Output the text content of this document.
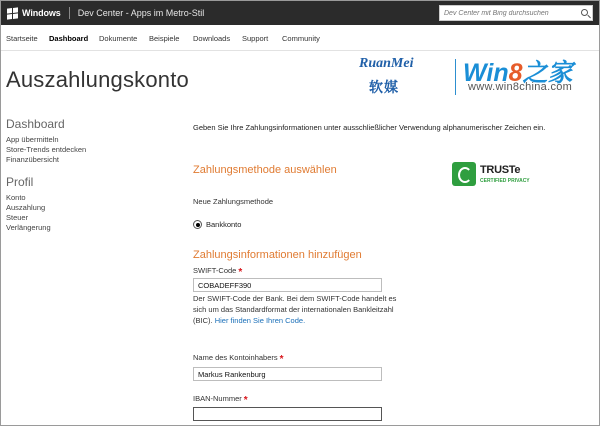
Windows Dev Center - Apps im Metro-Stil
Dev Center mit Bing durchsuchen
Startseite Dashboard Dokumente Beispiele Downloads Support Community
Auszahlungskonto
RuanMei
软媒	Win8之家
www.win8china.com
Dashboard
App übermitteln
Store-Trends entdecken
Finanzübersicht
Profil
Konto
Auszahlung
Steuer
Verlängerung
Geben Sie Ihre Zahlungsinformationen unter ausschließlicher Verwendung alphanumerischer Zeichen ein.
Zahlungsmethode auswählen	TRUSTe
CERTIFIED PRIVACY
Neue Zahlungsmethode
Bankkonto
Zahlungsinformationen hinzufügen
SWIFT-Code *
COBADEFF390
Der SWIFT-Code der Bank. Bei dem SWIFT-Code handelt es sich um das Standardformat der internationalen Bankleitzahl (BIC). Hier finden Sie Ihren Code.
Name des Kontoinhabers *
Markus Rankenburg
IBAN-Nummer *
